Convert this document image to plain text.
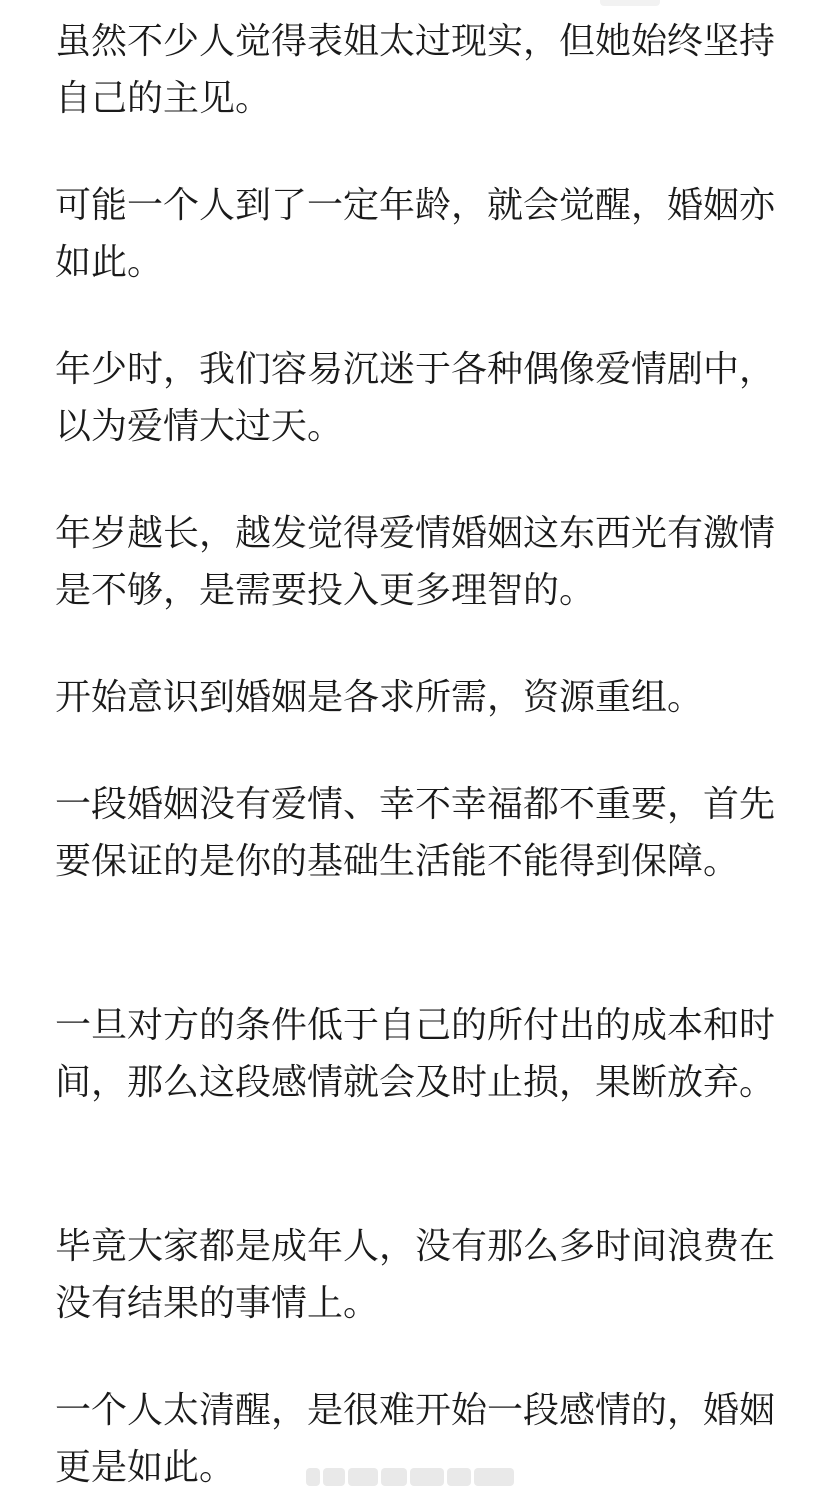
虽然不少人觉得表姐太过现实，但她始终坚持自己的主见。

可能一个人到了一定年龄，就会觉醒，婚姻亦如此。

年少时，我们容易沉迷于各种偶像爱情剧中，以为爱情大过天。

年岁越长，越发觉得爱情婚姻这东西光有激情是不够，是需要投入更多理智的。

开始意识到婚姻是各求所需，资源重组。

一段婚姻没有爱情、幸不幸福都不重要，首先要保证的是你的基础生活能不能得到保障。

一旦对方的条件低于自己的所付出的成本和时间，那么这段感情就会及时止损，果断放弃。

毕竟大家都是成年人，没有那么多时间浪费在没有结果的事情上。

一个人太清醒，是很难开始一段感情的，婚姻更是如此。
